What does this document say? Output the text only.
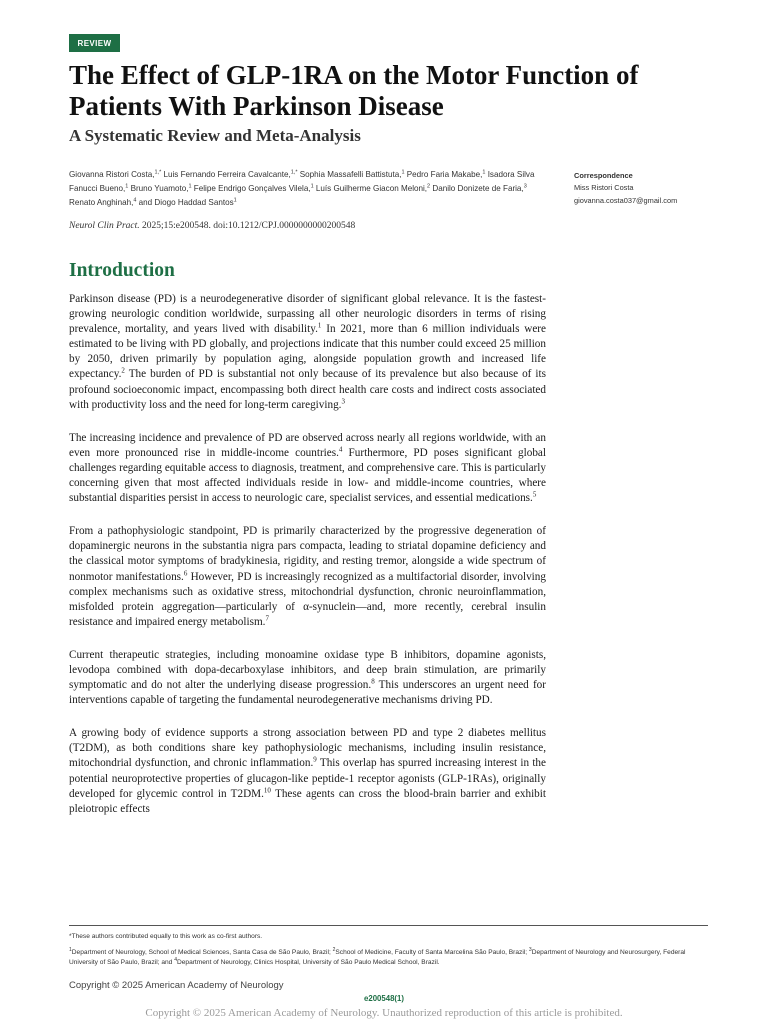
REVIEW
The Effect of GLP-1RA on the Motor Function of Patients With Parkinson Disease
A Systematic Review and Meta-Analysis
Giovanna Ristori Costa,$^{1,*}$ Luis Fernando Ferreira Cavalcante,$^{1,*}$ Sophia Massafelli Battistuta,$^1$ Pedro Faria Makabe,$^1$ Isadora Silva Fanucci Bueno,$^1$ Bruno Yuamoto,$^1$ Felipe Endrigo Gonçalves Vilela,$^1$ Luís Guilherme Giacon Meloni,$^2$ Danilo Donizete de Faria,$^3$ Renato Anghinah,$^4$ and Diogo Haddad Santos$^1$
Neurol Clin Pract. 2025;15:e200548. doi:10.1212/CPJ.0000000000200548
Correspondence
Miss Ristori Costa
giovanna.costa037@gmail.com
Introduction

Parkinson disease (PD) is a neurodegenerative disorder of significant global relevance. It is the fastest-growing neurologic condition worldwide, surpassing all other neurologic disorders in terms of rising prevalence, mortality, and years lived with disability.$^1$ In 2021, more than 6 million individuals were estimated to be living with PD globally, and projections indicate that this number could exceed 25 million by 2050, driven primarily by population aging, alongside population growth and increased life expectancy.$^2$ The burden of PD is substantial not only because of its prevalence but also because of its profound socioeconomic impact, encompassing both direct health care costs and indirect costs associated with productivity loss and the need for long-term caregiving.$^3$

The increasing incidence and prevalence of PD are observed across nearly all regions worldwide, with an even more pronounced rise in middle-income countries.$^4$ Furthermore, PD poses significant global challenges regarding equitable access to diagnosis, treatment, and comprehensive care. This is particularly concerning given that most affected individuals reside in low- and middle-income countries, where substantial disparities persist in access to neurologic care, specialist services, and essential medications.$^5$

From a pathophysiologic standpoint, PD is primarily characterized by the progressive degeneration of dopaminergic neurons in the substantia nigra pars compacta, leading to striatal dopamine deficiency and the classical motor symptoms of bradykinesia, rigidity, and resting tremor, alongside a wide spectrum of nonmotor manifestations.$^6$ However, PD is increasingly recognized as a multifactorial disorder, involving complex mechanisms such as oxidative stress, mitochondrial dysfunction, chronic neuroinflammation, misfolded protein aggregation—particularly of α-synuclein—and, more recently, cerebral insulin resistance and impaired energy metabolism.$^7$

Current therapeutic strategies, including monoamine oxidase type B inhibitors, dopamine agonists, levodopa combined with dopa-decarboxylase inhibitors, and deep brain stimulation, are primarily symptomatic and do not alter the underlying disease progression.$^8$ This underscores an urgent need for interventions capable of targeting the fundamental neurodegenerative mechanisms driving PD.

A growing body of evidence supports a strong association between PD and type 2 diabetes mellitus (T2DM), as both conditions share key pathophysiologic mechanisms, including insulin resistance, mitochondrial dysfunction, and chronic inflammation.$^9$ This overlap has spurred increasing interest in the potential neuroprotective properties of glucagon-like peptide-1 receptor agonists (GLP-1RAs), originally developed for glycemic control in T2DM.$^{10}$ These agents can cross the blood-brain barrier and exhibit pleiotropic effects

*These authors contributed equally to this work as co-first authors.

$^1$Department of Neurology, School of Medical Sciences, Santa Casa de São Paulo, Brazil; $^2$School of Medicine, Faculty of Santa Marcelina São Paulo, Brazil; $^3$Department of Neurology and Neurosurgery, Federal University of São Paulo, Brazil; and $^4$Department of Neurology, Clinics Hospital, University of São Paulo Medical School, Brazil.

Copyright © 2025 American Academy of Neurology
e200548(1)
Copyright © 2025 American Academy of Neurology. Unauthorized reproduction of this article is prohibited.
